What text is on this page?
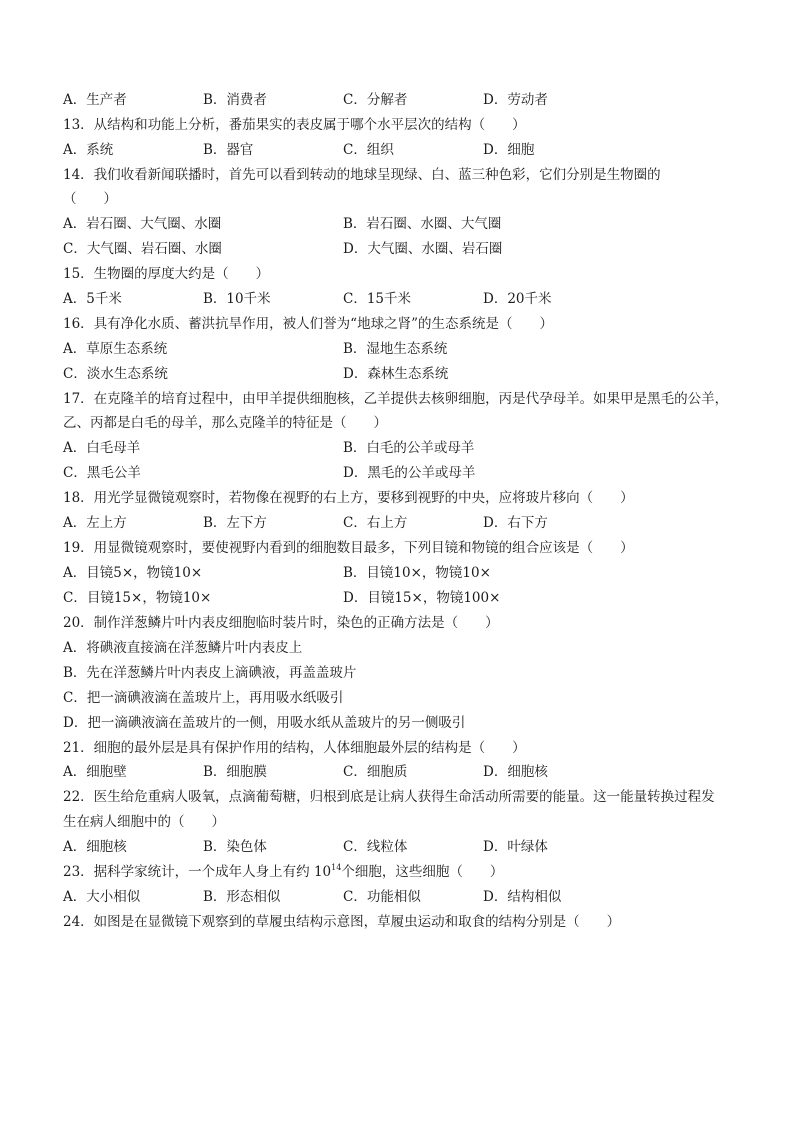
A．生产者	B．消费者	C．分解者	D．劳动者
13．从结构和功能上分析，番茄果实的表皮属于哪个水平层次的结构（　　）
A．系统	B．器官	C．组织	D．细胞
14．我们收看新闻联播时，首先可以看到转动的地球呈现绿、白、蓝三种色彩，它们分别是生物圈的
（　　）
A．岩石圈、大气圈、水圈	B．岩石圈、水圈、大气圈
C．大气圈、岩石圈、水圈	D．大气圈、水圈、岩石圈
15．生物圈的厚度大约是（　　）
A．5千米	B．10千米	C．15千米	D．20千米
16．具有净化水质、蓄洪抗旱作用，被人们誉为“地球之肾”的生态系统是（　　）
A．草原生态系统	B．湿地生态系统
C．淡水生态系统	D．森林生态系统
17．在克隆羊的培育过程中，由甲羊提供细胞核，乙羊提供去核卵细胞，丙是代孕母羊。如果甲是黑毛的公羊，
乙、丙都是白毛的母羊，那么克隆羊的特征是（　　）
A．白毛母羊	B．白毛的公羊或母羊
C．黑毛公羊	D．黑毛的公羊或母羊
18．用光学显微镜观察时，若物像在视野的右上方，要移到视野的中央，应将玻片移向（　　）
A．左上方	B．左下方	C．右上方	D．右下方
19．用显微镜观察时，要使视野内看到的细胞数目最多，下列目镜和物镜的组合应该是（　　）
A．目镜5×，物镜10×	B．目镜10×，物镜10×
C．目镜15×，物镜10×	D．目镜15×，物镜100×
20．制作洋葱鳞片叶内表皮细胞临时装片时，染色的正确方法是（　　）
A．将碘液直接滴在洋葱鳞片叶内表皮上
B．先在洋葱鳞片叶内表皮上滴碘液，再盖盖玻片
C．把一滴碘液滴在盖玻片上，再用吸水纸吸引
D．把一滴碘液滴在盖玻片的一侧，用吸水纸从盖玻片的另一侧吸引
21．细胞的最外层是具有保护作用的结构，人体细胞最外层的结构是（　　）
A．细胞壁	B．细胞膜	C．细胞质	D．细胞核
22．医生给危重病人吸氧，点滴葡萄糖，归根到底是让病人获得生命活动所需要的能量。这一能量转换过程发
生在病人细胞中的（　　）
A．细胞核	B．染色体	C．线粒体	D．叶绿体
23．据科学家统计，一个成年人身上有约 $10^{14}$个细胞，这些细胞（　　）
A．大小相似	B．形态相似	C．功能相似	D．结构相似
24．如图是在显微镜下观察到的草履虫结构示意图，草履虫运动和取食的结构分别是（　　）
